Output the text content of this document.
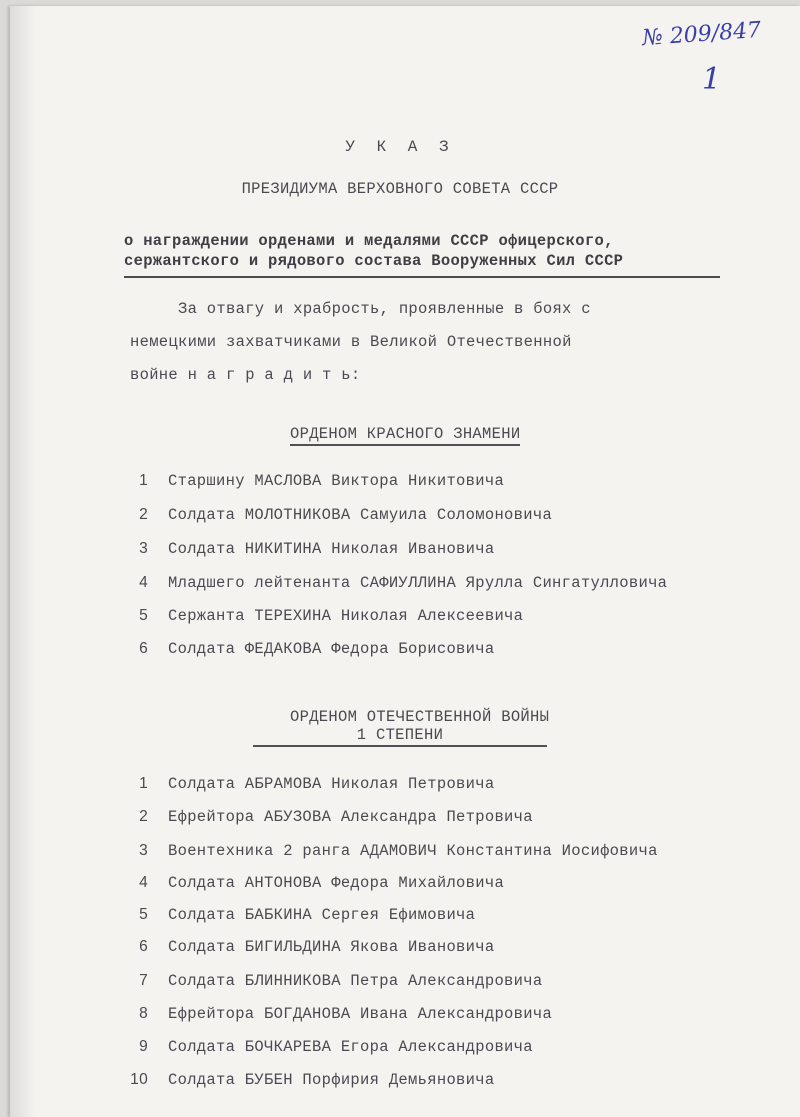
№ 209/847
1
У К А З
ПРЕЗИДИУМА ВЕРХОВНОГО СОВЕТА СССР
о награждении орденами и медалями СССР офицерского,
сержантского и рядового состава Вооруженных Сил СССР
За отвагу и храбрость, проявленные в боях с
немецкими захватчиками в Великой Отечественной
войне н а г р а д и т ь:
ОРДЕНОМ КРАСНОГО ЗНАМЕНИ
1 Старшину МАСЛОВА Виктора Никитовича
2 Солдата МОЛОТНИКОВА Самуила Соломоновича
3 Солдата НИКИТИНА Николая Ивановича
4 Младшего лейтенанта САФИУЛЛИНА Ярулла Сингатулловича
5 Сержанта ТЕРЕХИНА Николая Алексеевича
6 Солдата ФЕДАКОВА Федора Борисовича
ОРДЕНОМ ОТЕЧЕСТВЕННОЙ ВОЙНЫ
1 СТЕПЕНИ
1 Солдата АБРАМОВА Николая Петровича
2 Ефрейтора АБУЗОВА Александра Петровича
3 Воентехника 2 ранга АДАМОВИЧ Константина Иосифовича
4 Солдата АНТОНОВА Федора Михайловича
5 Солдата БАБКИНА Сергея Ефимовича
6 Солдата БИГИЛЬДИНА Якова Ивановича
7 Солдата БЛИННИКОВА Петра Александровича
8 Ефрейтора БОГДАНОВА Ивана Александровича
9 Солдата БОЧКАРЕВА Егора Александровича
10 Солдата БУБЕН Порфирия Демьяновича
